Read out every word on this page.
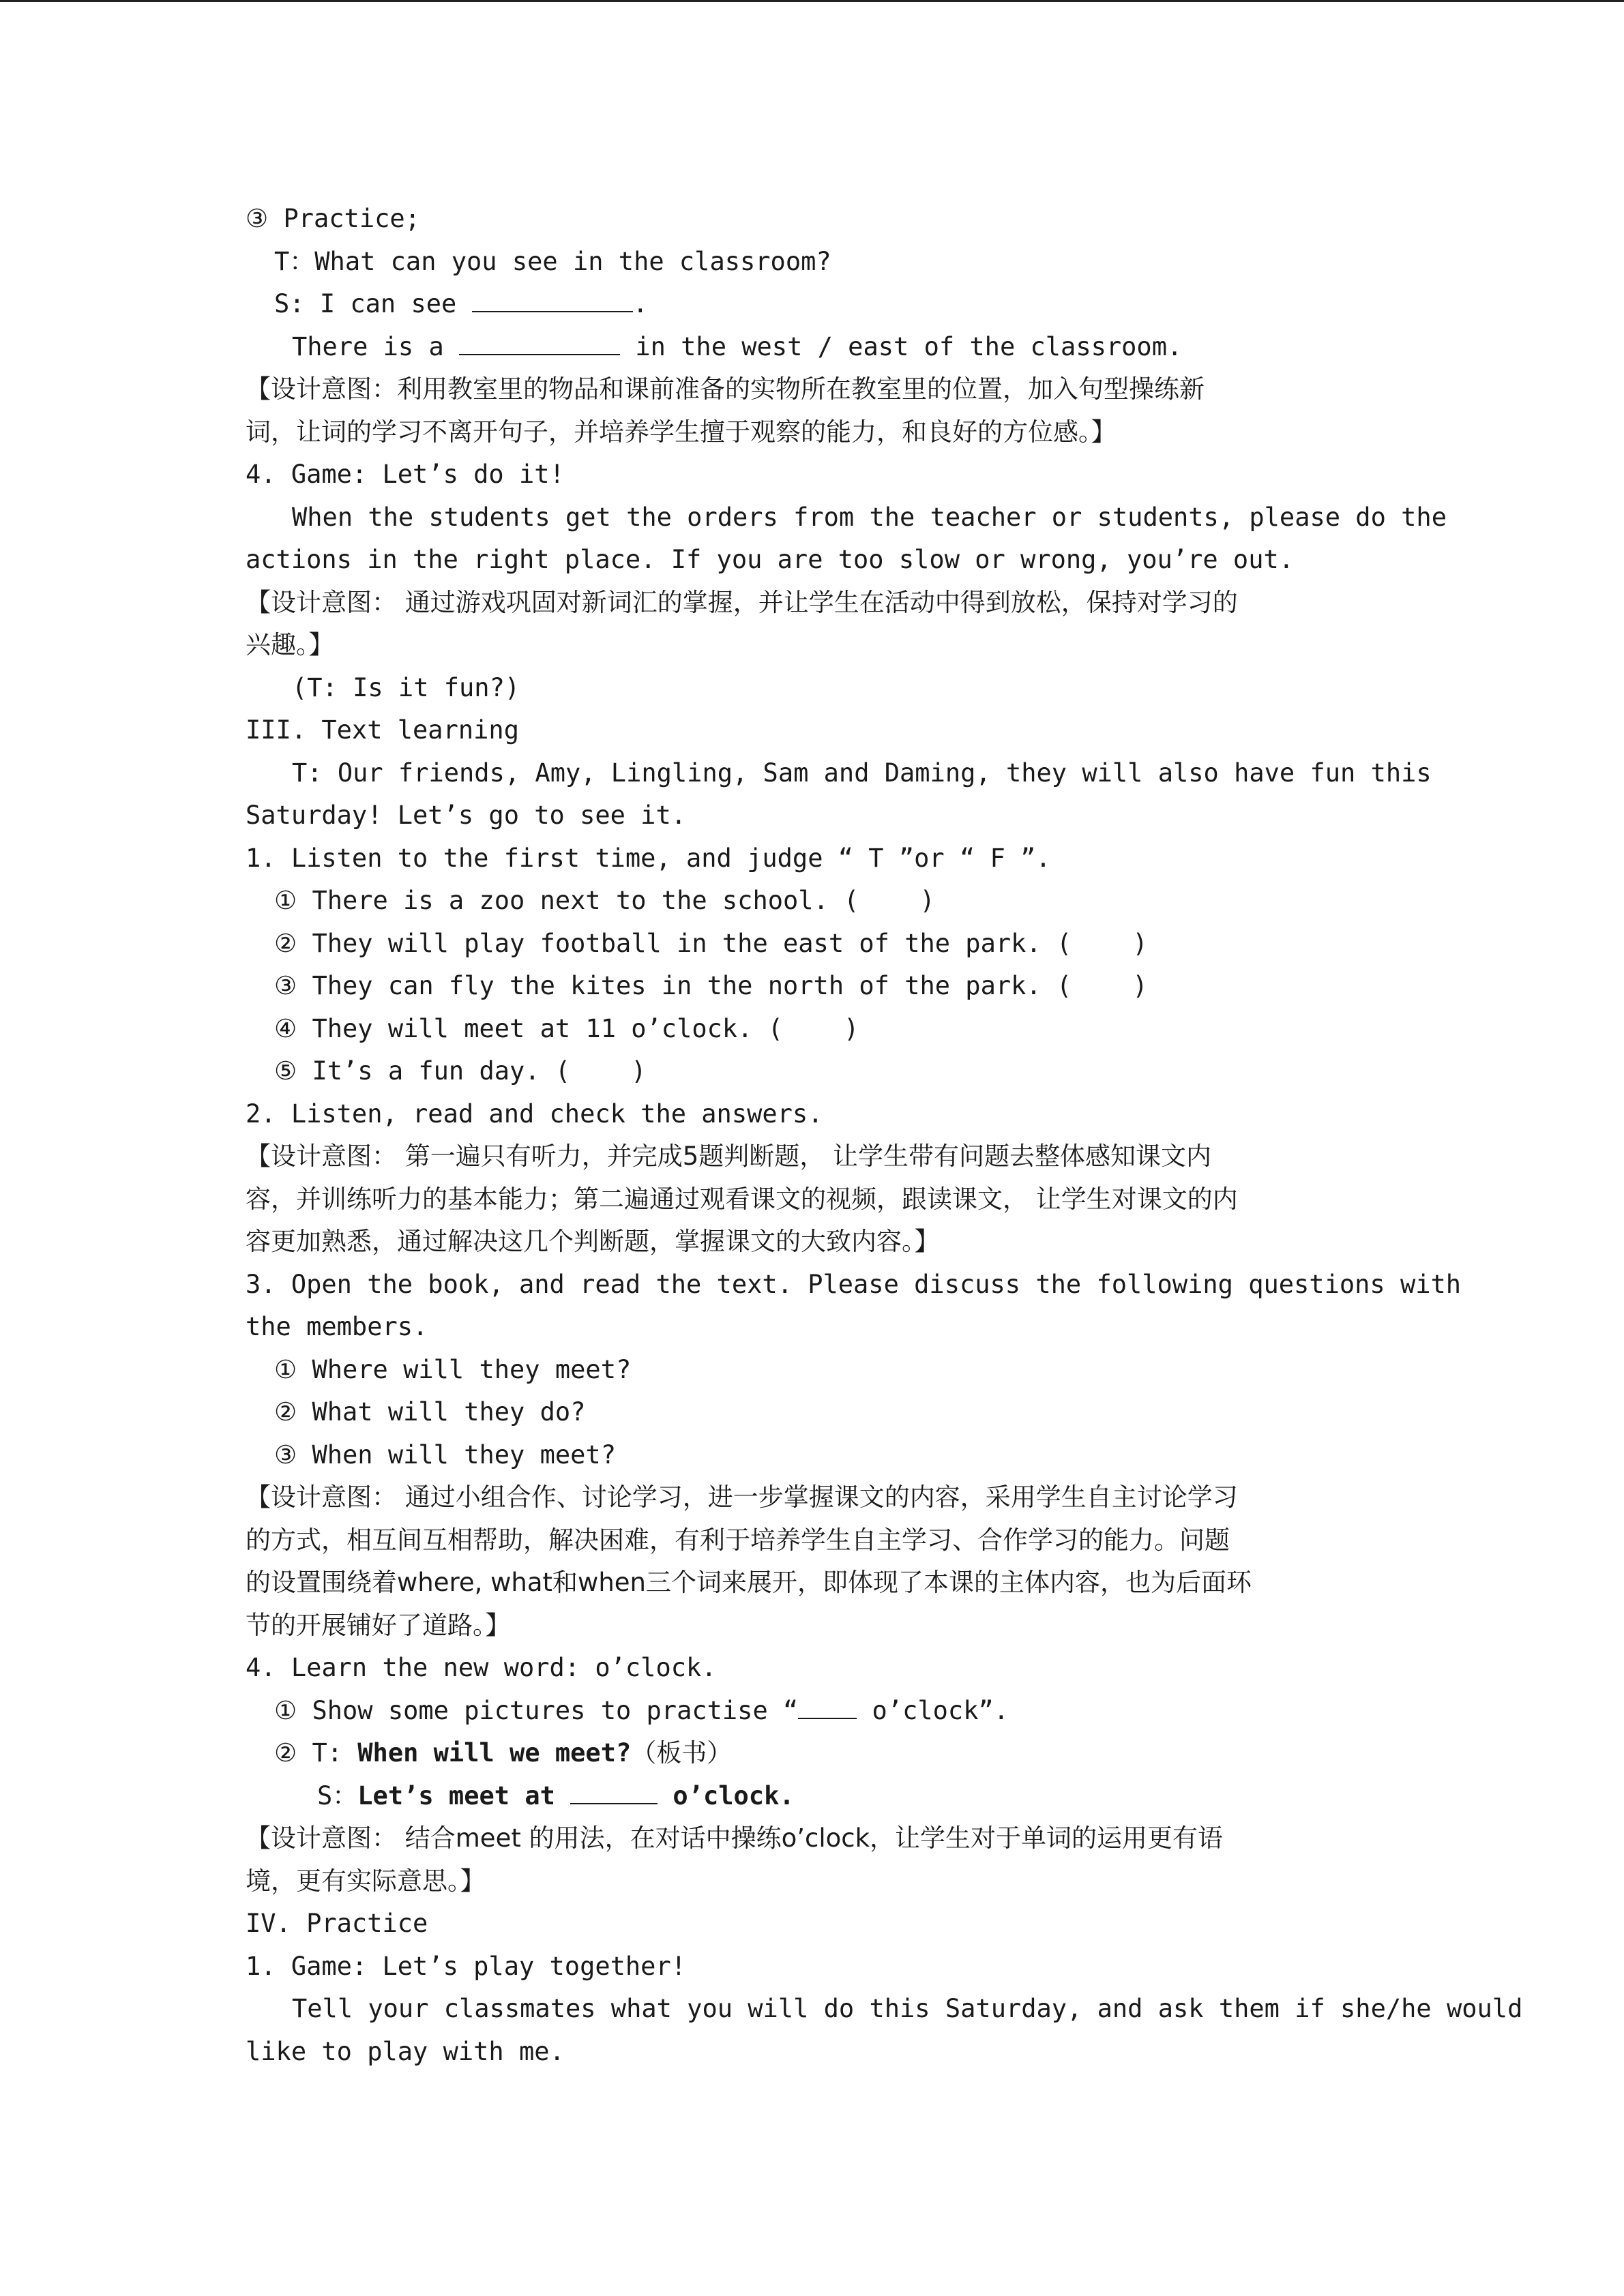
③ Practice;
T：What can you see in the classroom?
S: I can see	.
There is a	in the west / east of the classroom.
【设计意图：利用教室里的物品和课前准备的实物所在教室里的位置，加入句型操练新
词，让词的学习不离开句子，并培养学生擅于观察的能力，和良好的方位感。】
4. Game: Let’s do it!
When the students get the orders from the teacher or students, please do the
actions in the right place. If you are too slow or wrong, you’re out.
【设计意图： 通过游戏巩固对新词汇的掌握，并让学生在活动中得到放松，保持对学习的
兴趣。】
(T: Is it fun?)
III. Text learning
T: Our friends, Amy, Lingling, Sam and Daming, they will also have fun this
Saturday! Let’s go to see it.
1. Listen to the first time, and judge “ T ”or “ F ”.
① There is a zoo next to the school. (    )
② They will play football in the east of the park. (    )
③ They can fly the kites in the north of the park. (    )
④ They will meet at 11 o’clock. (    )
⑤ It’s a fun day. (    )
2. Listen, read and check the answers.
【设计意图： 第一遍只有听力，并完成5题判断题， 让学生带有问题去整体感知课文内
容，并训练听力的基本能力；第二遍通过观看课文的视频，跟读课文， 让学生对课文的内
容更加熟悉，通过解决这几个判断题，掌握课文的大致内容。】
3. Open the book, and read the text. Please discuss the following questions with
the members.
① Where will they meet?
② What will they do?
③ When will they meet?
【设计意图： 通过小组合作、讨论学习，进一步掌握课文的内容，采用学生自主讨论学习
的方式，相互间互相帮助，解决困难，有利于培养学生自主学习、合作学习的能力。问题
的设置围绕着where, what和when三个词来展开，即体现了本课的主体内容，也为后面环
节的开展铺好了道路。】
4. Learn the new word: o’clock.
① Show some pictures to practise “ o’clock”.
② T: When will we meet?（板书）
S：Let’s meet at	o’clock.
【设计意图： 结合meet 的用法，在对话中操练o’clock，让学生对于单词的运用更有语
境，更有实际意思。】
IV. Practice
1. Game: Let’s play together!
Tell your classmates what you will do this Saturday, and ask them if she/he would
like to play with me.
